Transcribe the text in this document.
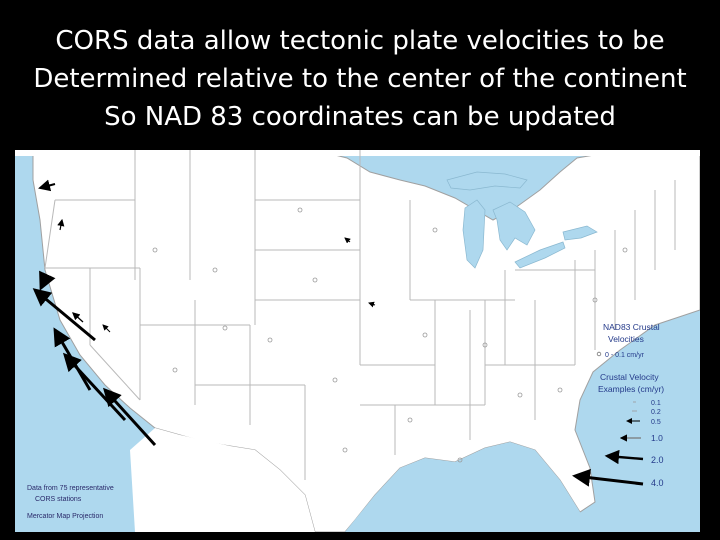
CORS data allow tectonic plate velocities to be
Determined relative to the center of the continent
So NAD 83 coordinates can be updated
NAD83 Crustal
Velocities
0 - 0.1 cm/yr
Crustal Velocity
Examples (cm/yr)
0.1
0.2
0.5
1.0
2.0
4.0
Data from 75 representative
CORS stations
Mercator Map Projection
